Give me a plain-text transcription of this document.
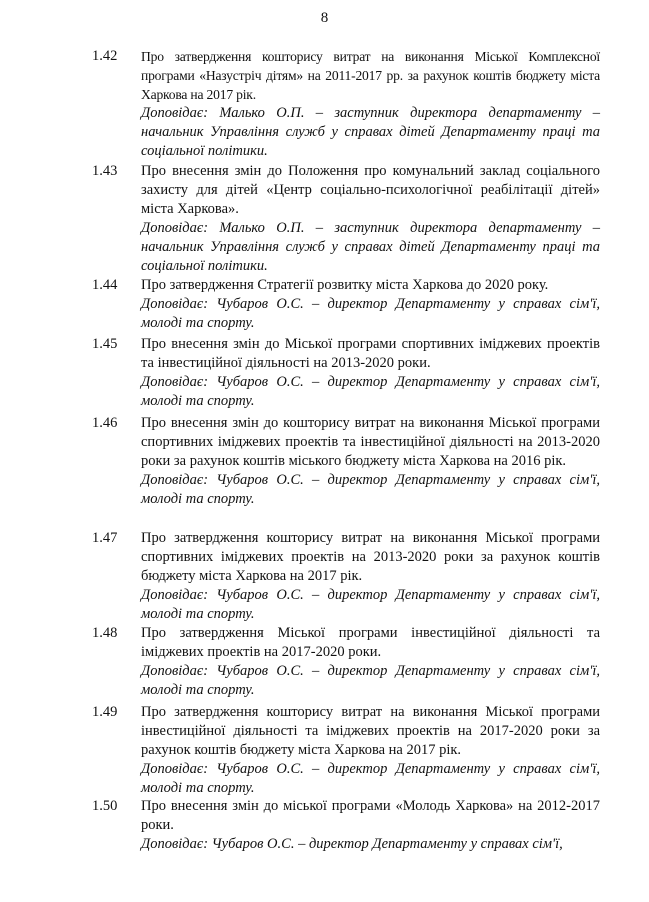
8
1.42 Про затвердження кошторису витрат на виконання Міської Комплексної програми «Назустріч дітям» на 2011-2017 рр. за рахунок коштів бюджету міста Харкова на 2017 рік.
Доповідає: Малько О.П. – заступник директора департаменту – начальник Управління служб у справах дітей Департаменту праці та соціальної політики.
1.43 Про внесення змін до Положення про комунальний заклад соціального захисту для дітей «Центр соціально-психологічної реабілітації дітей» міста Харкова».
Доповідає: Малько О.П. – заступник директора департаменту – начальник Управління служб у справах дітей Департаменту праці та соціальної політики.
1.44 Про затвердження Стратегії розвитку міста Харкова до 2020 року.
Доповідає: Чубаров О.С. – директор Департаменту у справах сім'ї, молоді та спорту.
1.45 Про внесення змін до Міської програми спортивних іміджевих проектів та інвестиційної діяльності на 2013-2020 роки.
Доповідає: Чубаров О.С. – директор Департаменту у справах сім'ї, молоді та спорту.
1.46 Про внесення змін до кошторису витрат на виконання Міської програми спортивних іміджевих проектів та інвестиційної діяльності на 2013-2020 роки за рахунок коштів міського бюджету міста Харкова на 2016 рік.
Доповідає: Чубаров О.С. – директор Департаменту у справах сім'ї, молоді та спорту.
1.47 Про затвердження кошторису витрат на виконання Міської програми спортивних іміджевих проектів на 2013-2020 роки за рахунок коштів бюджету міста Харкова на 2017 рік.
Доповідає: Чубаров О.С. – директор Департаменту у справах сім'ї, молоді та спорту.
1.48 Про затвердження Міської програми інвестиційної діяльності та іміджевих проектів на 2017-2020 роки.
Доповідає: Чубаров О.С. – директор Департаменту у справах сім'ї, молоді та спорту.
1.49 Про затвердження кошторису витрат на виконання Міської програми інвестиційної діяльності та іміджевих проектів на 2017-2020 роки за рахунок коштів бюджету міста Харкова на 2017 рік.
Доповідає: Чубаров О.С. – директор Департаменту у справах сім'ї, молоді та спорту.
1.50 Про внесення змін до міської програми «Молодь Харкова» на 2012-2017 роки.
Доповідає: Чубаров О.С. – директор Департаменту у справах сім'ї,
